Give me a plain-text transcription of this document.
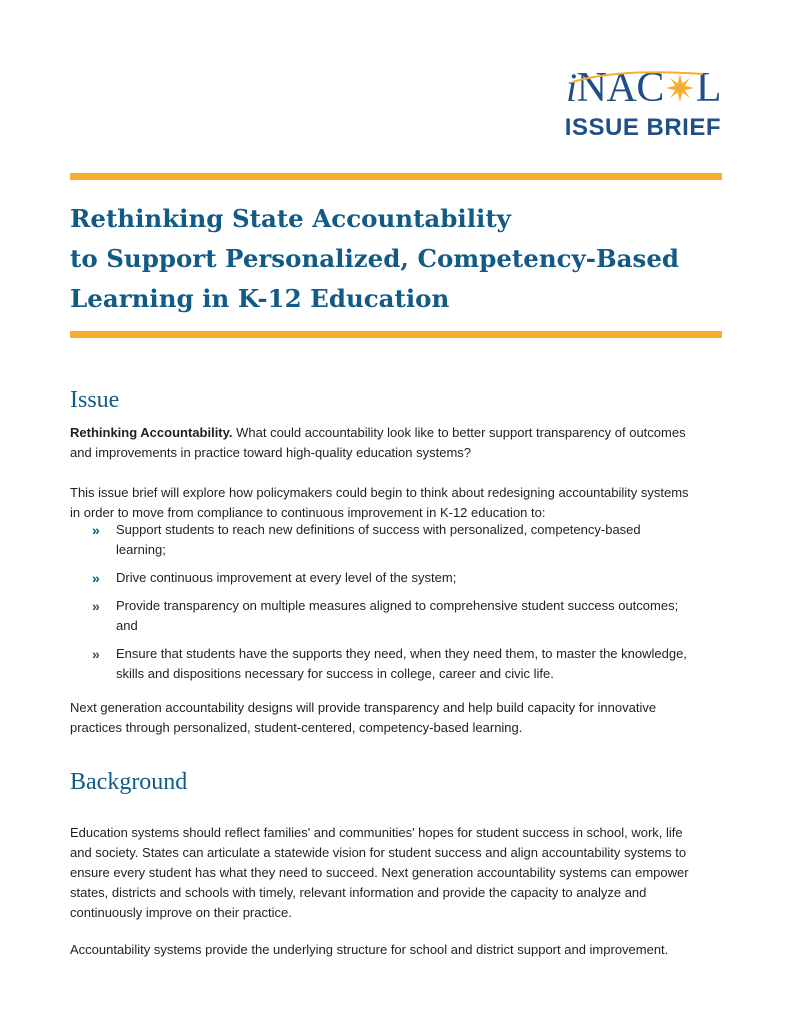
iNAC L
ISSUE BRIEF
Rethinking State Accountability
to Support Personalized, Competency-Based
Learning in K-12 Education
Issue

Rethinking Accountability. What could accountability look like to better support transparency of outcomes and improvements in practice toward high-quality education systems?

This issue brief will explore how policymakers could begin to think about redesigning accountability systems in order to move from compliance to continuous improvement in K-12 education to:

» Support students to reach new definitions of success with personalized, competency-based learning;
» Drive continuous improvement at every level of the system;
» Provide transparency on multiple measures aligned to comprehensive student success outcomes; and
» Ensure that students have the supports they need, when they need them, to master the knowledge, skills and dispositions necessary for success in college, career and civic life.

Next generation accountability designs will provide transparency and help build capacity for innovative practices through personalized, student-centered, competency-based learning.

Background

Education systems should reflect families' and communities' hopes for student success in school, work, life and society. States can articulate a statewide vision for student success and align accountability systems to ensure every student has what they need to succeed. Next generation accountability systems can empower states, districts and schools with timely, relevant information and provide the capacity to analyze and continuously improve on their practice.

Accountability systems provide the underlying structure for school and district support and improvement.
